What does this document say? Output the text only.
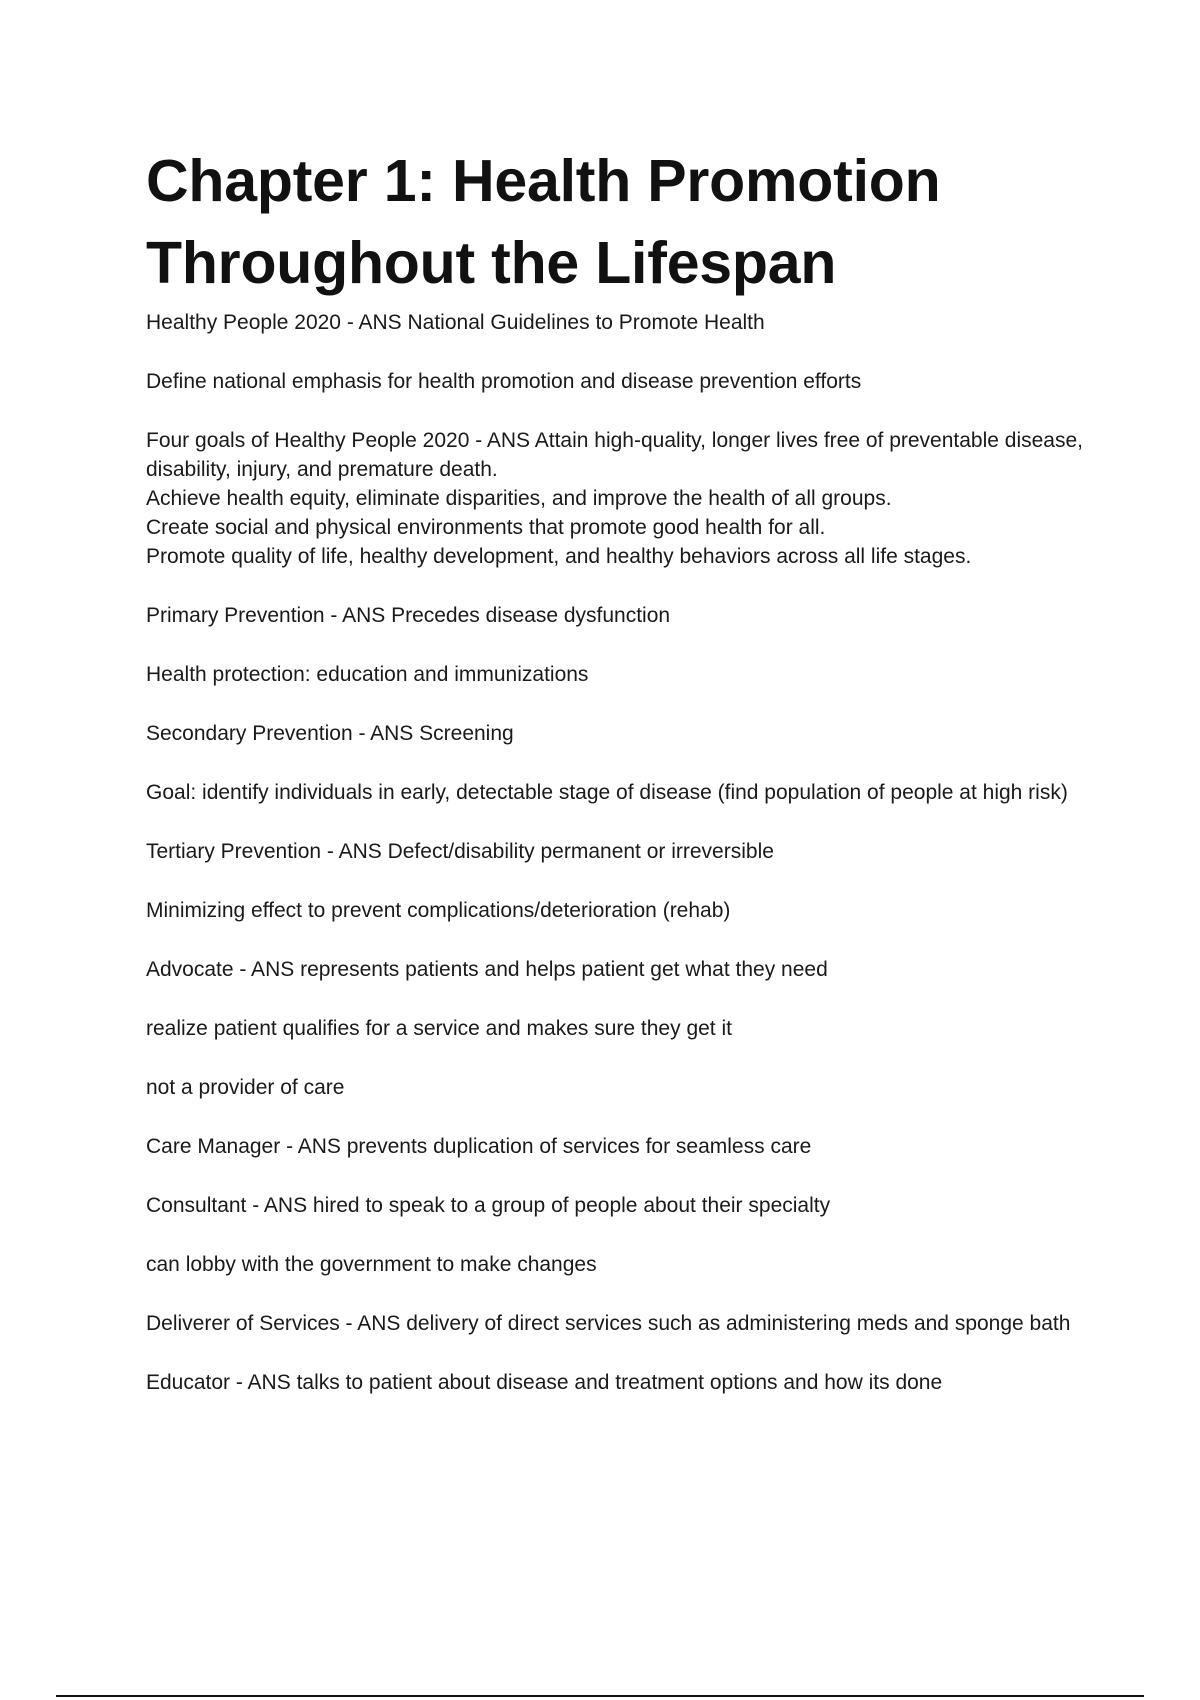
Chapter 1: Health Promotion Throughout the Lifespan

Healthy People 2020 - ANS National Guidelines to Promote Health

Define national emphasis for health promotion and disease prevention efforts

Four goals of Healthy People 2020 - ANS Attain high-quality, longer lives free of preventable disease, disability, injury, and premature death.
Achieve health equity, eliminate disparities, and improve the health of all groups.
Create social and physical environments that promote good health for all.
Promote quality of life, healthy development, and healthy behaviors across all life stages.

Primary Prevention - ANS Precedes disease dysfunction

Health protection: education and immunizations

Secondary Prevention - ANS Screening

Goal: identify individuals in early, detectable stage of disease (find population of people at high risk)

Tertiary Prevention - ANS Defect/disability permanent or irreversible

Minimizing effect to prevent complications/deterioration (rehab)

Advocate - ANS represents patients and helps patient get what they need

realize patient qualifies for a service and makes sure they get it

not a provider of care

Care Manager - ANS prevents duplication of services for seamless care

Consultant - ANS hired to speak to a group of people about their specialty

can lobby with the government to make changes

Deliverer of Services - ANS delivery of direct services such as administering meds and sponge bath

Educator - ANS talks to patient about disease and treatment options and how its done
